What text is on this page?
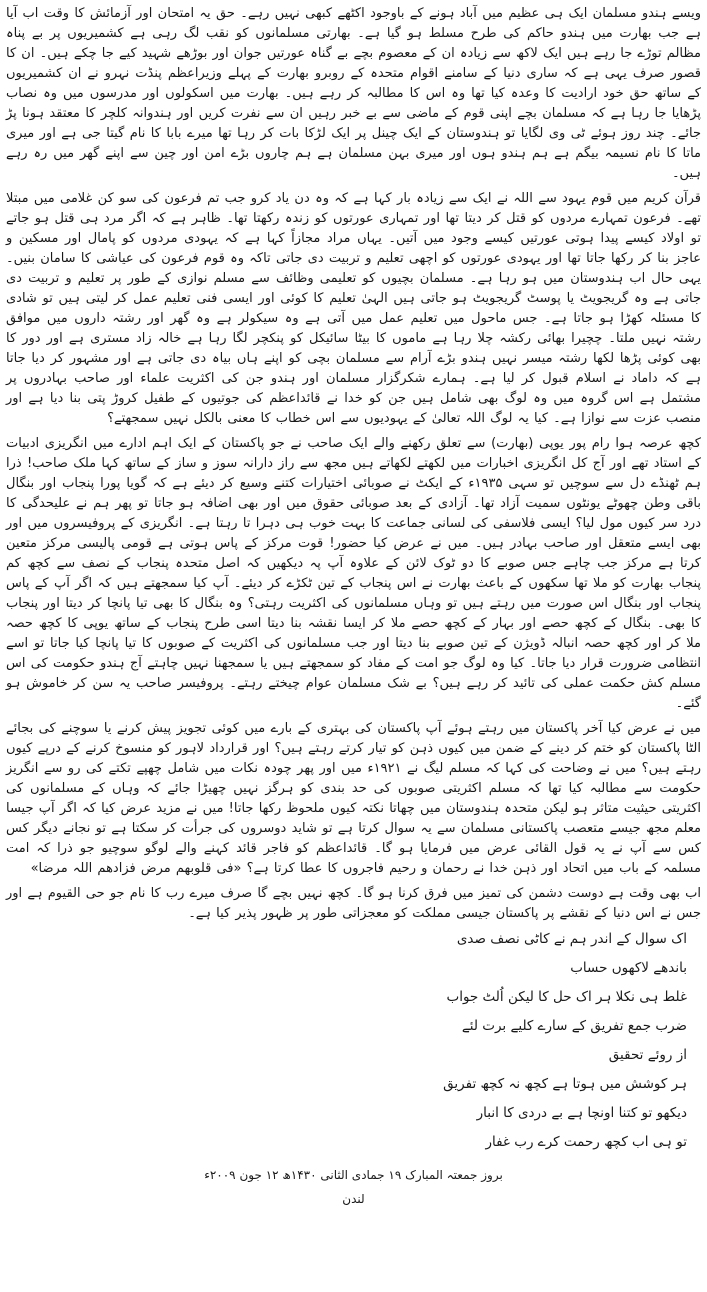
ویسے ہندو مسلمان ایک ہی عظیم میں آباد ہونے کے باوجود اکٹھے کبھی نہیں رہے۔ حق یہ امتحان اور آزمائش کا وقت اب آیا ہے جب بھارت میں ہندو حاکم کی طرح مسلط ہو گیا ہے۔ بھارتی مسلمانوں کو نقب لگ رہی ہے کشمیریوں پر بے پناہ مظالم توڑے جا رہے ہیں ایک لاکھ سے زیادہ ان کے معصوم بچے بے گناہ عورتیں جوان اور بوڑھے شہید کیے جا چکے ہیں۔ ان کا قصور صرف یہی ہے کہ ساری دنیا کے سامنے اقوام متحدہ کے روبرو بھارت کے پہلے وزیراعظم پنڈت نہرو نے ان کشمیریوں کے ساتھ حق خود ارادیت کا وعدہ کیا تھا وہ اس کا مطالبہ کر رہے ہیں۔ بھارت میں اسکولوں اور مدرسوں میں وہ نصاب پڑھایا جا رہا ہے کہ مسلمان بچے اپنی قوم کے ماضی سے بے خبر رہیں ان سے نفرت کریں اور ہندوانہ کلچر کا معتقد ہونا پڑ جائے۔ چند روز ہوئے ٹی وی لگایا تو ہندوستان کے ایک چینل پر ایک لڑکا بات کر رہا تھا میرے بابا کا نام گیتا جی ہے اور میری ماتا کا نام نسیمہ بیگم ہے ہم ہندو ہوں اور میری بہن مسلمان ہے ہم چاروں بڑے امن اور چین سے اپنے گھر میں رہ رہے ہیں۔

قرآن کریم میں قوم یہود سے اللہ نے ایک سے زیادہ بار کہا ہے کہ وہ دن یاد کرو جب تم فرعون کی سو کن غلامی میں مبتلا تھے۔ فرعون تمہارے مردوں کو قتل کر دیتا تھا اور تمہاری عورتوں کو زندہ رکھتا تھا۔ ظاہر ہے کہ اگر مرد ہی قتل ہو جاتے تو اولاد کیسے پیدا ہوتی عورتیں کیسے وجود میں آتیں۔ یہاں مراد مجازاً کہا ہے کہ یہودی مردوں کو پامال اور مسکین و عاجز بنا کر رکھا جاتا تھا اور یہودی عورتوں کو اچھی تعلیم و تربیت دی جاتی تاکہ وہ قوم فرعون کی عیاشی کا سامان بنیں۔ یہی حال اب ہندوستان میں ہو رہا ہے۔ مسلمان بچیوں کو تعلیمی وظائف سے مسلم نوازی کے طور پر تعلیم و تربیت دی جاتی ہے وہ گریجویٹ یا پوسٹ گریجویٹ ہو جاتی ہیں الہیٰ تعلیم کا کوئی اور ایسی فنی تعلیم عمل کر لیتی ہیں تو شادی کا مسئلہ کھڑا ہو جاتا ہے۔ جس ماحول میں تعلیم عمل میں آتی ہے وہ سیکولر ہے وہ گھر اور رشتہ داروں میں موافق رشتہ نہیں ملتا۔ چچیرا بھائی رکشہ چلا رہا ہے ماموں کا بیٹا سائیکل کو پنکچر لگا رہا ہے خالہ زاد مستری ہے اور دور کا بھی کوئی پڑھا لکھا رشتہ میسر نہیں ہندو بڑے آرام سے مسلمان بچی کو اپنے ہاں بیاہ دی جاتی ہے اور مشہور کر دیا جاتا ہے کہ داماد نے اسلام قبول کر لیا ہے۔ ہمارے شکرگزار مسلمان اور ہندو جن کی اکثریت علماء اور صاحب بہادروں پر مشتمل ہے اس گروہ میں وہ لوگ بھی شامل ہیں جن کو خدا نے قائداعظم کی جوتیوں کے طفیل کروڑ پتی بنا دیا ہے اور منصب عزت سے نوازا ہے۔ کیا یہ لوگ اللہ تعالیٰ کے یہودیوں سے اس خطاب کا معنی بالکل نہیں سمجھتے؟

کچھ عرصہ ہوا رام پور یوپی (بھارت) سے تعلق رکھنے والے ایک صاحب نے جو پاکستان کے ایک اہم ادارے میں انگریزی ادبیات کے استاد تھے اور آج کل انگریزی اخبارات میں لکھتے لکھاتے ہیں مجھ سے راز دارانہ سوز و ساز کے ساتھ کہا ملک صاحب! ذرا ہم ٹھنڈے دل سے سوچیں تو سہی ۱۹۳۵ء کے ایکٹ نے صوبائی اختیارات کتنے وسیع کر دیئے ہے کہ گویا پورا پنجاب اور بنگال باقی وطن چھوٹے یونٹوں سمیت آزاد تھا۔ آزادی کے بعد صوبائی حقوق میں اور بھی اضافہ ہو جاتا تو پھر ہم نے علیحدگی کا درد سر کیوں مول لیا؟ ایسی فلاسفی کی لسانی جماعت کا بہت خوب ہی دہرا تا رہتا ہے۔ انگریزی کے پروفیسروں میں اور بھی ایسے متعقل اور صاحب بہادر ہیں۔ میں نے عرض کیا حضور! قوت مرکز کے پاس ہوتی ہے قومی پالیسی مرکز متعین کرتا ہے مرکز جب چاہے جس صوبے کا دو ٹوک لائن کے علاوہ آپ پہ دیکھیں کہ اصل متحدہ پنجاب کے نصف سے کچھ کم پنجاب بھارت کو ملا تھا سکھوں کے باعث بھارت نے اس پنجاب کے تین ٹکڑے کر دیئے۔ آپ کیا سمجھتے ہیں کہ اگر آپ کے پاس پنجاب اور بنگال اس صورت میں رہتے ہیں تو وہاں مسلمانوں کی اکثریت رہتی؟ وہ بنگال کا بھی تیا پانچا کر دیتا اور پنجاب کا بھی۔ بنگال کے کچھ حصے اور بہار کے کچھ حصے ملا کر ایسا نقشہ بنا دیتا اسی طرح پنجاب کے ساتھ یوپی کا کچھ حصہ ملا کر اور کچھ حصہ انبالہ ڈویژن کے تین صوبے بنا دیتا اور جب مسلمانوں کی اکثریت کے صوبوں کا تیا پانچا کیا جاتا تو اسے انتظامی ضرورت قرار دیا جاتا۔ کیا وہ لوگ جو امت کے مفاد کو سمجھتے ہیں یا سمجھنا نہیں چاہتے آج ہندو حکومت کی اس مسلم کش حکمت عملی کی تائید کر رہے ہیں؟ بے شک مسلمان عوام چیختے رہتے۔ پروفیسر صاحب یہ سن کر خاموش ہو گئے۔

میں نے عرض کیا آخر پاکستان میں رہتے ہوئے آپ پاکستان کی بہتری کے بارے میں کوئی تجویز پیش کرنے یا سوچنے کی بجائے الٹا پاکستان کو ختم کر دینے کے ضمن میں کیوں ذہن کو تیار کرتے رہتے ہیں؟ اور قرارداد لاہور کو منسوخ کرنے کے درپے کیوں رہتے ہیں؟ میں نے وضاحت کی کہا کہ مسلم لیگ نے ۱۹۲۱ء میں اور پھر چودہ نکات میں شامل چھپے تکتے کی رو سے انگریز حکومت سے مطالبہ کیا تھا کہ مسلم اکثریتی صوبوں کی حد بندی کو ہرگز نہیں چھیڑا جائے کہ وہاں کے مسلمانوں کی اکثریتی حیثیت متاثر ہو لیکن متحدہ ہندوستان میں چھاتا نکتہ کیوں ملحوظ رکھا جاتا! میں نے مزید عرض کیا کہ اگر آپ جیسا معلم مجھ جیسے متعصب پاکستانی مسلمان سے یہ سوال کرتا ہے تو شاید دوسروں کی جرأت کر سکتا ہے تو نجانے دیگر کس کس سے آپ نے یہ قول القائی عرض میں فرمایا ہو گا۔ قائداعظم کو فاجر قائد کہنے والے لوگو سوچیو جو ذرا کہ امت مسلمہ کے باب میں اتحاد اور ذہن خدا نے رحمان و رحیم فاجروں کا عطا کرتا ہے؟ «فی قلوبھم مرض فزادھم اللہ مرضا»

اب بھی وقت ہے دوست دشمن کی تمیز میں فرق کرنا ہو گا۔ کچھ نہیں بچے گا صرف میرے رب کا نام جو حی القیوم ہے اور جس نے اس دنیا کے نقشے پر پاکستان جیسی مملکت کو معجزاتی طور پر ظہور پذیر کیا ہے۔

اک سوال کے اندر ہم نے کاٹی نصف صدی

باندھے لاکھوں حساب

غلط ہی نکلا ہر اک حل کا لیکن اُلٹ جواب

ضرب جمع تفریق کے سارے کلیے برت لئے

از روئے تحقیق

ہر کوشش میں ہوتا ہے کچھ نہ کچھ تفریق

دیکھو تو کتنا اونچا ہے بے دردی کا انبار

تو ہی اب کچھ رحمت کرے رب غفار

بروز جمعتہ المبارک ۱۹ جمادی الثانی ۱۴۳۰ھ ۱۲ جون ۲۰۰۹ء

لندن
